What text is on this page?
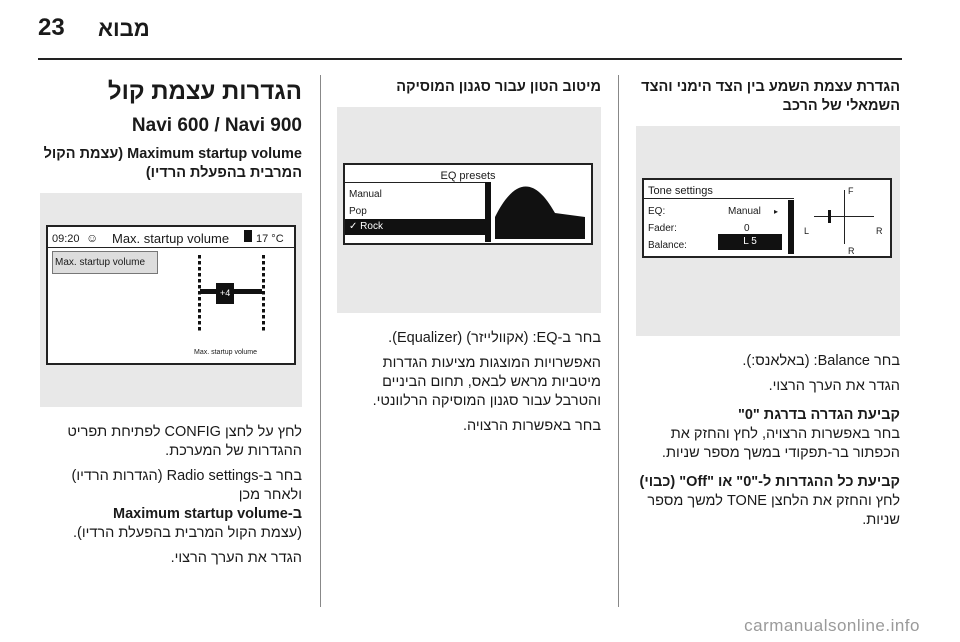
23 מבוא
הגדרות עצמת קול
Navi 600 / Navi 900
Maximum startup volume (עצמת הקול
המרבית בהפעלת הרדיו)
09:20 ☺ Max. startup volume 17 °C
Max. startup volume
+4
Max. startup volume

לחץ על לחצן CONFIG לפתיחת תפריט ההגדרות של המערכת.

בחר ב-Radio settings (הגדרות הרדיו)
ולאחר מכן
ב-Maximum startup volume
(עצמת הקול המרבית בהפעלת הרדיו).

הגדר את הערך הרצוי.

מיטוב הטון עבור סגנון המוסיקה
EQ presets
Manual
Pop
✓ Rock

בחר ב-EQ: (אקוולייזר) (Equalizer).

האפשרויות המוצגות מציעות הגדרות מיטביות מראש לבאס, תחום הביניים והטרבל עבור סגנון המוסיקה הרלוונטי.

בחר באפשרות הרצויה.

הגדרת עצמת השמע בין הצד הימני והצד
השמאלי של הרכב
Tone settings
EQ:	Manual ▸
Fader:	0
Balance:	L 5
F
L	R
R

בחר Balance: (באלאנס:).

הגדר את הערך הרצוי.

קביעת הגדרה בדרגת "0"

בחר באפשרות הרצויה, לחץ והחזק את הכפתור בר-תפקודי במשך מספר שניות.

קביעת כל ההגדרות ל-"0" או "Off" (כבוי)

לחץ והחזק את הלחצן TONE למשך מספר שניות.

carmanualsonline.info
